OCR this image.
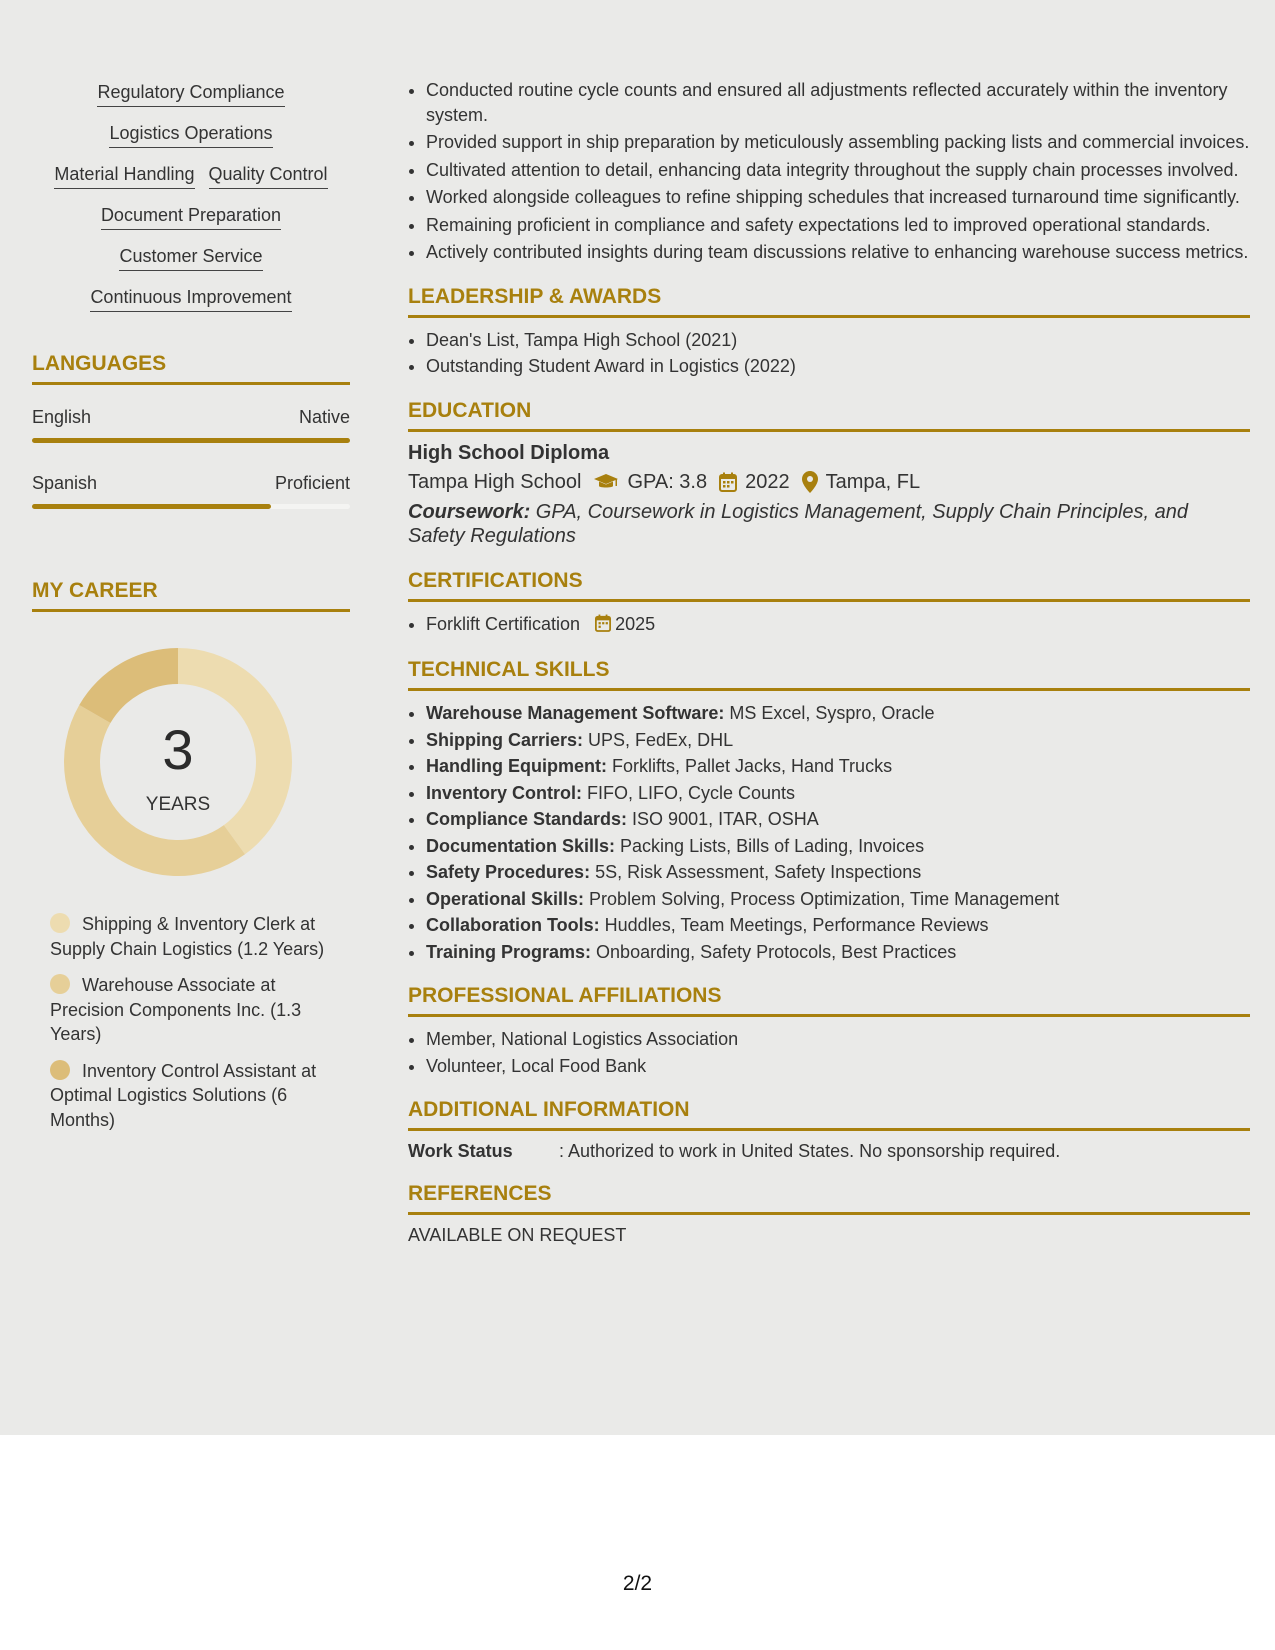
Regulatory Compliance
Logistics Operations
Material Handling Quality Control
Document Preparation
Customer Service
Continuous Improvement
LANGUAGES
English	Native
Spanish	Proficient
MY CAREER
3
YEARS
Shipping & Inventory Clerk at Supply Chain Logistics (1.2 Years)
Warehouse Associate at Precision Components Inc. (1.3 Years)
Inventory Control Assistant at Optimal Logistics Solutions (6 Months)
• Conducted routine cycle counts and ensured all adjustments reflected accurately within the inventory system.
• Provided support in ship preparation by meticulously assembling packing lists and commercial invoices.
• Cultivated attention to detail, enhancing data integrity throughout the supply chain processes involved.
• Worked alongside colleagues to refine shipping schedules that increased turnaround time significantly.
• Remaining proficient in compliance and safety expectations led to improved operational standards.
• Actively contributed insights during team discussions relative to enhancing warehouse success metrics.
LEADERSHIP & AWARDS
• Dean's List, Tampa High School (2021)
• Outstanding Student Award in Logistics (2022)
EDUCATION
High School Diploma
Tampa High School GPA: 3.8 2022 Tampa, FL
Coursework: GPA, Coursework in Logistics Management, Supply Chain Principles, and Safety Regulations
CERTIFICATIONS
• Forklift Certification 2025
TECHNICAL SKILLS
• Warehouse Management Software: MS Excel, Syspro, Oracle
• Shipping Carriers: UPS, FedEx, DHL
• Handling Equipment: Forklifts, Pallet Jacks, Hand Trucks
• Inventory Control: FIFO, LIFO, Cycle Counts
• Compliance Standards: ISO 9001, ITAR, OSHA
• Documentation Skills: Packing Lists, Bills of Lading, Invoices
• Safety Procedures: 5S, Risk Assessment, Safety Inspections
• Operational Skills: Problem Solving, Process Optimization, Time Management
• Collaboration Tools: Huddles, Team Meetings, Performance Reviews
• Training Programs: Onboarding, Safety Protocols, Best Practices
PROFESSIONAL AFFILIATIONS
• Member, National Logistics Association
• Volunteer, Local Food Bank
ADDITIONAL INFORMATION
Work Status	: Authorized to work in United States. No sponsorship required.
REFERENCES
AVAILABLE ON REQUEST
2/2
